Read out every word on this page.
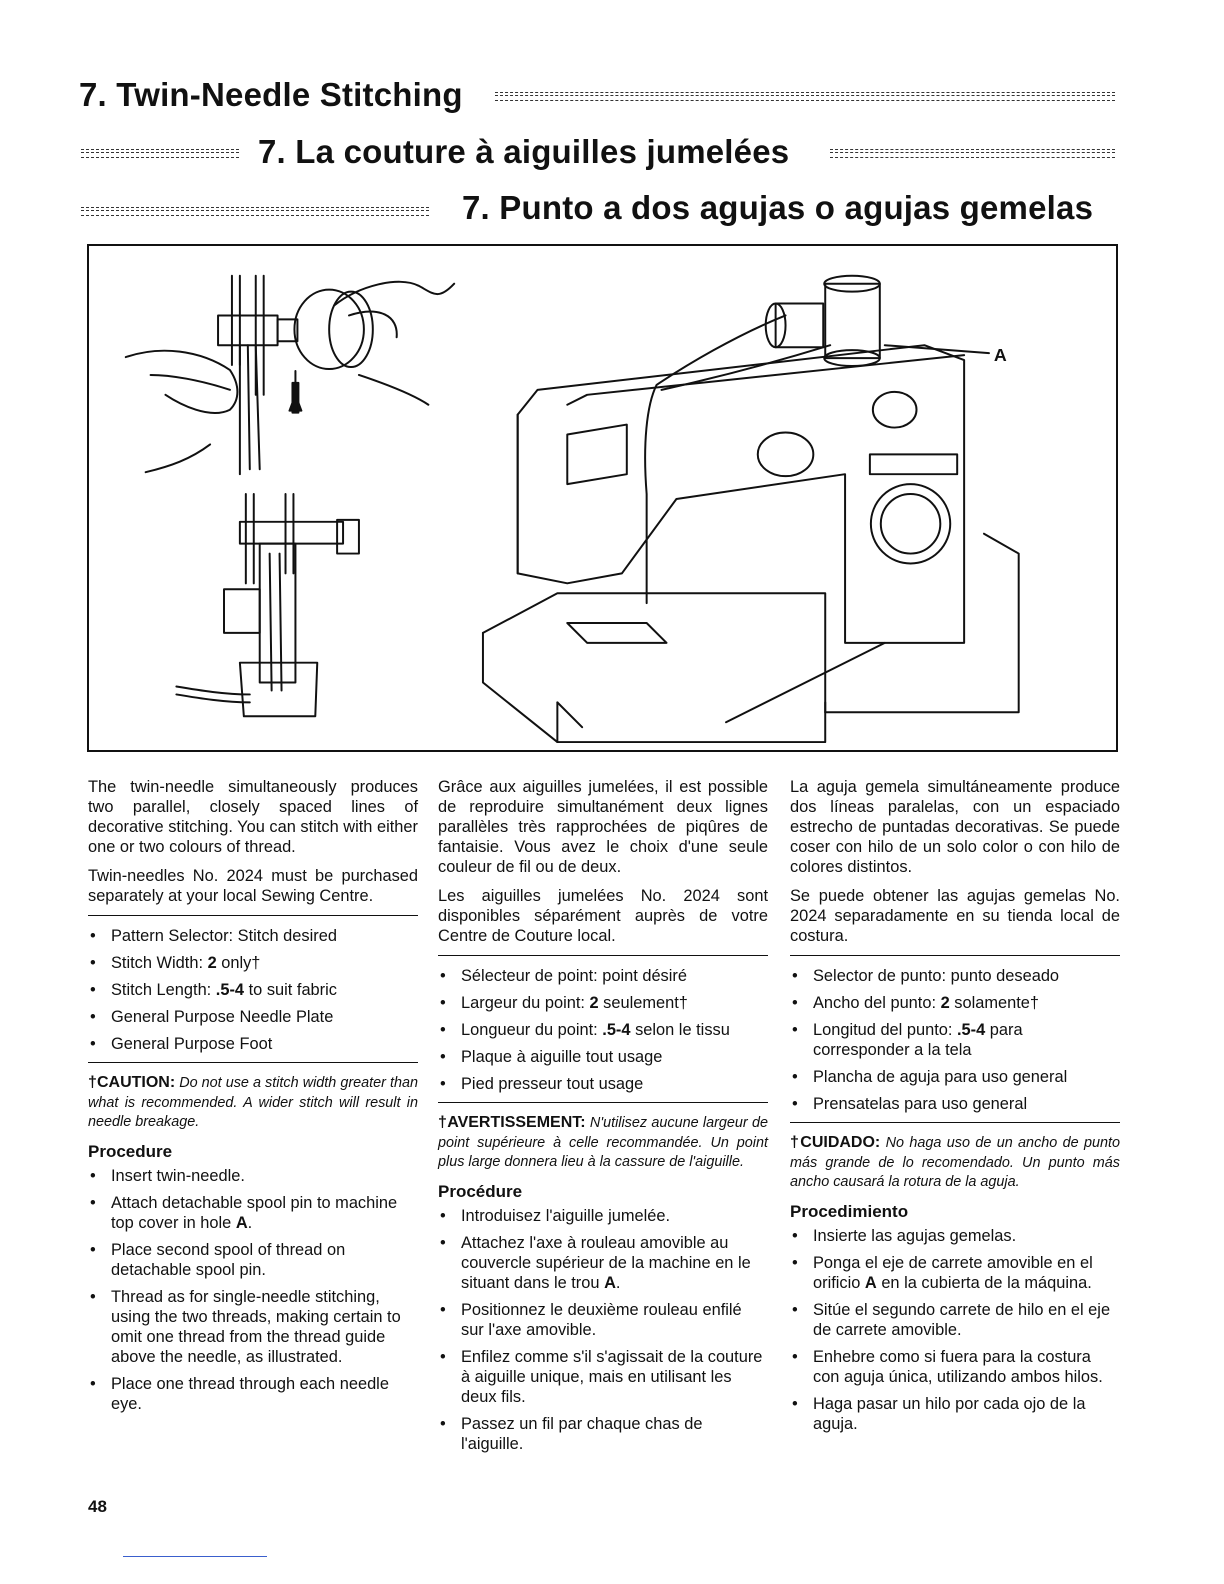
7. Twin-Needle Stitching
7. La couture à aiguilles jumelées
7. Punto a dos agujas o agujas gemelas
A

The twin-needle simultaneously produces two parallel, closely spaced lines of decorative stitching. You can stitch with either one or two colours of thread.

Twin-needles No. 2024 must be purchased separately at your local Sewing Centre.

• Pattern Selector: Stitch desired
• Stitch Width: 2 only†
• Stitch Length: .5-4 to suit fabric
• General Purpose Needle Plate
• General Purpose Foot

†CAUTION: Do not use a stitch width greater than what is recommended. A wider stitch will result in needle breakage.

Procedure
• Insert twin-needle.
• Attach detachable spool pin to machine top cover in hole A.
• Place second spool of thread on detachable spool pin.
• Thread as for single-needle stitching, using the two threads, making certain to omit one thread from the thread guide above the needle, as illustrated.
• Place one thread through each needle eye.

Grâce aux aiguilles jumelées, il est possible de reproduire simultanément deux lignes parallèles très rapprochées de piqûres de fantaisie. Vous avez le choix d'une seule couleur de fil ou de deux.

Les aiguilles jumelées No. 2024 sont disponibles séparément auprès de votre Centre de Couture local.

• Sélecteur de point: point désiré
• Largeur du point: 2 seulement†
• Longueur du point: .5-4 selon le tissu
• Plaque à aiguille tout usage
• Pied presseur tout usage

†AVERTISSEMENT: N'utilisez aucune largeur de point supérieure à celle recommandée. Un point plus large donnera lieu à la cassure de l'aiguille.

Procédure
• Introduisez l'aiguille jumelée.
• Attachez l'axe à rouleau amovible au couvercle supérieur de la machine en le situant dans le trou A.
• Positionnez le deuxième rouleau enfilé sur l'axe amovible.
• Enfilez comme s'il s'agissait de la couture à aiguille unique, mais en utilisant les deux fils.
• Passez un fil par chaque chas de l'aiguille.

La aguja gemela simultáneamente produce dos líneas paralelas, con un espaciado estrecho de puntadas decorativas. Se puede coser con hilo de un solo color o con hilo de colores distintos.

Se puede obtener las agujas gemelas No. 2024 separadamente en su tienda local de costura.

• Selector de punto: punto deseado
• Ancho del punto: 2 solamente†
• Longitud del punto: .5-4 para corresponder a la tela
• Plancha de aguja para uso general
• Prensatelas para uso general

†CUIDADO: No haga uso de un ancho de punto más grande de lo recomendado. Un punto más ancho causará la rotura de la aguja.

Procedimiento
• Insierte las agujas gemelas.
• Ponga el eje de carrete amovible en el orificio A en la cubierta de la máquina.
• Sitúe el segundo carrete de hilo en el eje de carrete amovible.
• Enhebre como si fuera para la costura con aguja única, utilizando ambos hilos.
• Haga pasar un hilo por cada ojo de la aguja.
48
